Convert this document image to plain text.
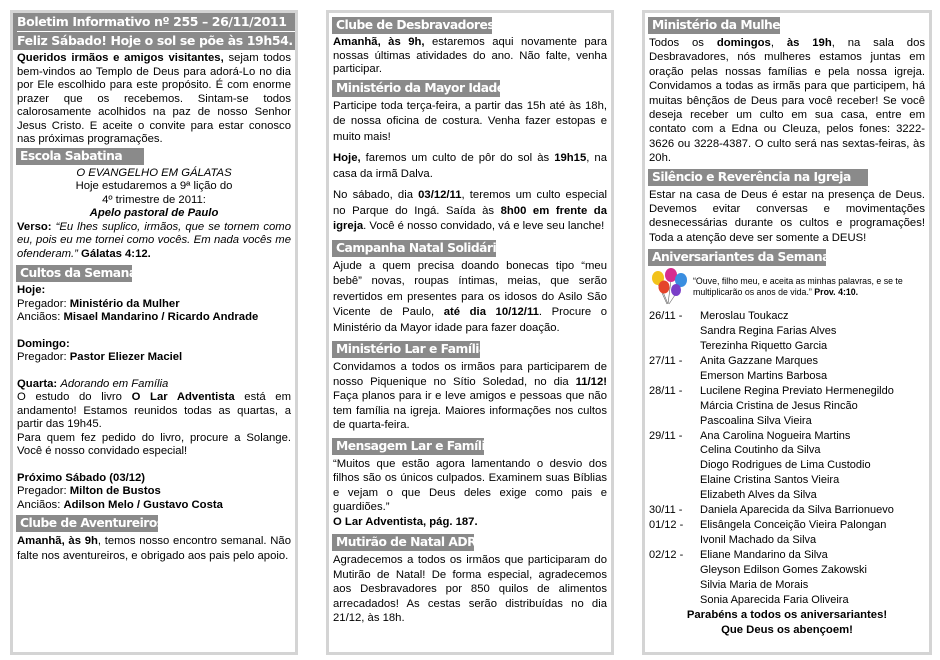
Boletim Informativo nº 255 – 26/11/2011
Feliz Sábado! Hoje o sol se põe às 19h54.
Queridos irmãos e amigos visitantes, sejam todos bem-vindos ao Templo de Deus para adorá-Lo no dia por Ele escolhido para este propósito. É com enorme prazer que os recebemos. Sintam-se todos calorosamente acolhidos na paz de nosso Senhor Jesus Cristo. E aceite o convite para estar conosco nas próximas programações.
Escola Sabatina
O EVANGELHO EM GÁLATAS
Hoje estudaremos a 9ª lição do
4º trimestre de 2011:
Apelo pastoral de Paulo
Verso: “Eu lhes suplico, irmãos, que se tornem como eu, pois eu me tornei como vocês. Em nada vocês me ofenderam.” Gálatas 4:12.
Cultos da Semana
Hoje:
Pregador: Ministério da Mulher
Anciãos: Misael Mandarino / Ricardo Andrade
Domingo:
Pregador: Pastor Eliezer Maciel
Quarta: Adorando em Família
O estudo do livro O Lar Adventista está em andamento! Estamos reunidos todas as quartas, a partir das 19h45.
Para quem fez pedido do livro, procure a Solange. Você é nosso convidado especial!
Próximo Sábado (03/12)
Pregador: Milton de Bustos
Anciãos: Adilson Melo / Gustavo Costa
Clube de Aventureiros
Amanhã, às 9h, temos nosso encontro semanal. Não falte nos aventureiros, e obrigado aos pais pelo apoio.
Clube de Desbravadores
Amanhã, às 9h, estaremos aqui novamente para nossas últimas atividades do ano. Não falte, venha participar.
Ministério da Mayor Idade
Participe toda terça-feira, a partir das 15h até às 18h, de nossa oficina de costura. Venha fazer estopas e muito mais!
Hoje, faremos um culto de pôr do sol às 19h15, na casa da irmã Dalva.
No sábado, dia 03/12/11, teremos um culto especial no Parque do Ingá. Saída às 8h00 em frente da igreja. Você é nosso convidado, vá e leve seu lanche!
Campanha Natal Solidário
Ajude a quem precisa doando bonecas tipo “meu bebê” novas, roupas íntimas, meias, que serão revertidos em presentes para os idosos do Asilo São Vicente de Paulo, até dia 10/12/11. Procure o Ministério da Mayor idade para fazer doação.
Ministério Lar e Família
Convidamos a todos os irmãos para participarem de nosso Piquenique no Sítio Soledad, no dia 11/12! Faça planos para ir e leve amigos e pessoas que não tem família na igreja. Maiores informações nos cultos de quarta-feira.
Mensagem Lar e Família
“Muitos que estão agora lamentando o desvio dos filhos são os únicos culpados. Examinem suas Bíblias e vejam o que Deus deles exige como pais e guardiões.”
O Lar Adventista, pág. 187.
Mutirão de Natal ADRA
Agradecemos a todos os irmãos que participaram do Mutirão de Natal! De forma especial, agradecemos aos Desbravadores por 850 quilos de alimentos arrecadados! As cestas serão distribuídas no dia 21/12, às 18h.
Ministério da Mulher
Todos os domingos, às 19h, na sala dos Desbravadores, nós mulheres estamos juntas em oração pelas nossas famílias e pela nossa igreja. Convidamos a todas as irmãs para que participem, há muitas bênçãos de Deus para você receber! Se você deseja receber um culto em sua casa, entre em contato com a Edna ou Cleuza, pelos fones: 3222-3626 ou 3228-4387. O culto será nas sextas-feiras, às 20h.
Silêncio e Reverência na Igreja
Estar na casa de Deus é estar na presença de Deus. Devemos evitar conversas e movimentações desnecessárias durante os cultos e programações! Toda a atenção deve ser somente a DEUS!
Aniversariantes da Semana
“Ouve, filho meu, e aceita as minhas palavras, e se te multiplicarão os anos de vida.” Prov. 4:10.
26/11 -	Meroslau Toukacz
Sandra Regina Farias Alves
Terezinha Riquetto Garcia
27/11 -	Anita Gazzane Marques
Emerson Martins Barbosa
28/11 -	Lucilene Regina Previato Hermenegildo
Márcia Cristina de Jesus Rincão
Pascoalina Silva Vieira
29/11 -	Ana Carolina Nogueira Martins
Celina Coutinho da Silva
Diogo Rodrigues de Lima Custodio
Elaine Cristina Santos Vieira
Elizabeth Alves da Silva
30/11 -	Daniela Aparecida da Silva Barrionuevo
01/12 -	Elisângela Conceição Vieira Palongan
Ivonil Machado da Silva
02/12 -	Eliane Mandarino da Silva
Gleyson Edilson Gomes Zakowski
Silvia Maria de Morais
Sonia Aparecida Faria Oliveira
Parabéns a todos os aniversariantes!
Que Deus os abençoem!
